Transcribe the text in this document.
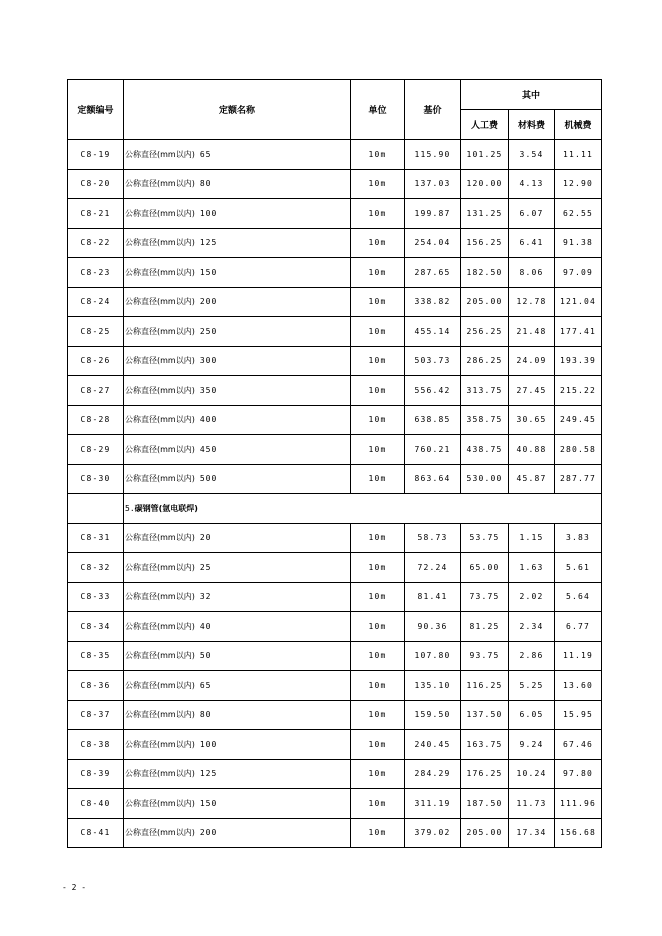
定额编号	定额名称	单位	基价	其中		
				人工费	材料费	机械费
C8-19	公称直径(mm以内) 65	10m	115.90	101.25	3.54	11.11
C8-20	公称直径(mm以内) 80	10m	137.03	120.00	4.13	12.90
C8-21	公称直径(mm以内) 100	10m	199.87	131.25	6.07	62.55
C8-22	公称直径(mm以内) 125	10m	254.04	156.25	6.41	91.38
C8-23	公称直径(mm以内) 150	10m	287.65	182.50	8.06	97.09
C8-24	公称直径(mm以内) 200	10m	338.82	205.00	12.78	121.04
C8-25	公称直径(mm以内) 250	10m	455.14	256.25	21.48	177.41
C8-26	公称直径(mm以内) 300	10m	503.73	286.25	24.09	193.39
C8-27	公称直径(mm以内) 350	10m	556.42	313.75	27.45	215.22
C8-28	公称直径(mm以内) 400	10m	638.85	358.75	30.65	249.45
C8-29	公称直径(mm以内) 450	10m	760.21	438.75	40.88	280.58
C8-30	公称直径(mm以内) 500	10m	863.64	530.00	45.87	287.77
	5.碳钢管(氩电联焊)					
C8-31	公称直径(mm以内) 20	10m	58.73	53.75	1.15	3.83
C8-32	公称直径(mm以内) 25	10m	72.24	65.00	1.63	5.61
C8-33	公称直径(mm以内) 32	10m	81.41	73.75	2.02	5.64
C8-34	公称直径(mm以内) 40	10m	90.36	81.25	2.34	6.77
C8-35	公称直径(mm以内) 50	10m	107.80	93.75	2.86	11.19
C8-36	公称直径(mm以内) 65	10m	135.10	116.25	5.25	13.60
C8-37	公称直径(mm以内) 80	10m	159.50	137.50	6.05	15.95
C8-38	公称直径(mm以内) 100	10m	240.45	163.75	9.24	67.46
C8-39	公称直径(mm以内) 125	10m	284.29	176.25	10.24	97.80
C8-40	公称直径(mm以内) 150	10m	311.19	187.50	11.73	111.96
C8-41	公称直径(mm以内) 200	10m	379.02	205.00	17.34	156.68
- 2 -
